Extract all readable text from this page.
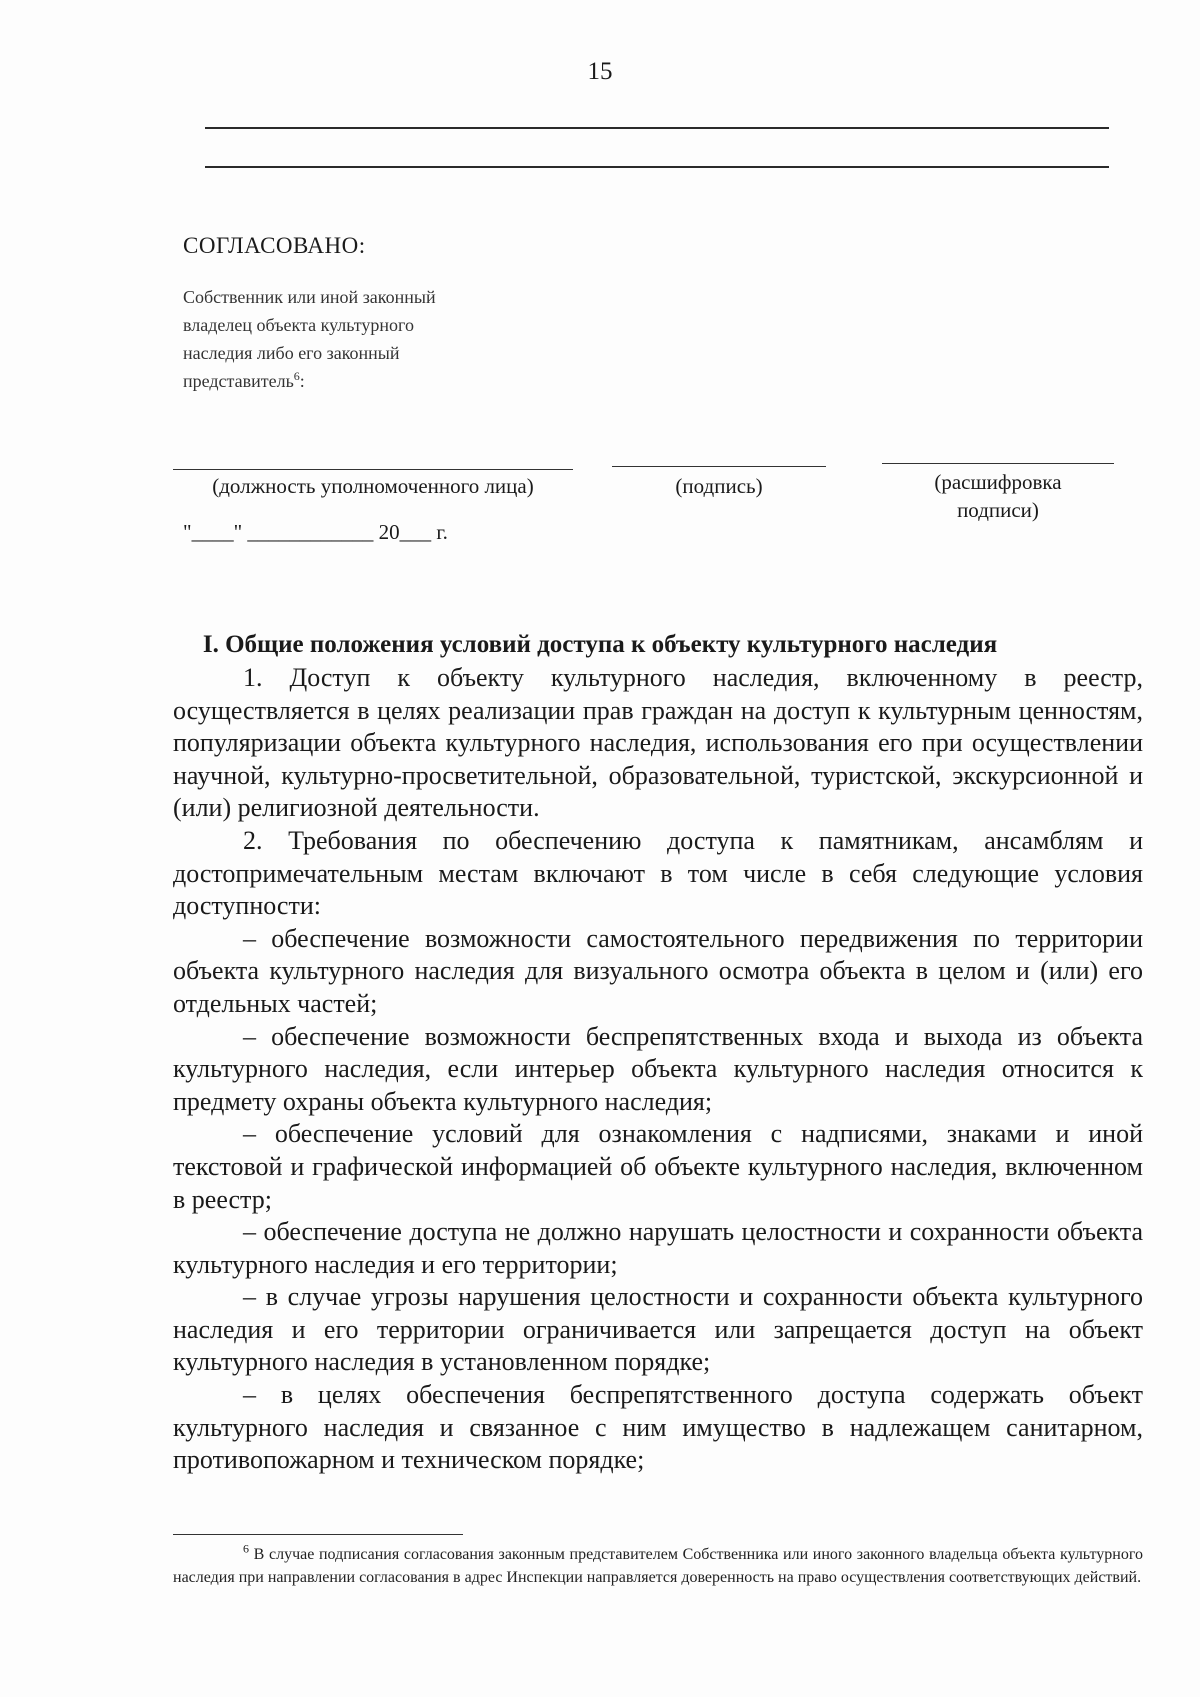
15
СОГЛАСОВАНО:
Собственник или иной законный
владелец объекта культурного
наследия либо его законный
представитель$^6$:
(должность уполномоченного лица)	(подпись)	(расшифровка
подписи)
"____" ____________ 20___ г.
I. Общие положения условий доступа к объекту культурного наследия

1. Доступ к объекту культурного наследия, включенному в реестр, осуществляется в целях реализации прав граждан на доступ к культурным ценностям, популяризации объекта культурного наследия, использования его при осуществлении научной, культурно-просветительной, образовательной, туристской, экскурсионной и (или) религиозной деятельности.

2. Требования по обеспечению доступа к памятникам, ансамблям и достопримечательным местам включают в том числе в себя следующие условия доступности:

– обеспечение возможности самостоятельного передвижения по территории объекта культурного наследия для визуального осмотра объекта в целом и (или) его отдельных частей;

– обеспечение возможности беспрепятственных входа и выхода из объекта культурного наследия, если интерьер объекта культурного наследия относится к предмету охраны объекта культурного наследия;

– обеспечение условий для ознакомления с надписями, знаками и иной текстовой и графической информацией об объекте культурного наследия, включенном в реестр;

– обеспечение доступа не должно нарушать целостности и сохранности объекта культурного наследия и его территории;

– в случае угрозы нарушения целостности и сохранности объекта культурного наследия и его территории ограничивается или запрещается доступ на объект культурного наследия в установленном порядке;

– в целях обеспечения беспрепятственного доступа содержать объект культурного наследия и связанное с ним имущество в надлежащем санитарном, противопожарном и техническом порядке;

$^6$ В случае подписания согласования законным представителем Собственника или иного законного владельца объекта культурного наследия при направлении согласования в адрес Инспекции направляется доверенность на право осуществления соответствующих действий.
